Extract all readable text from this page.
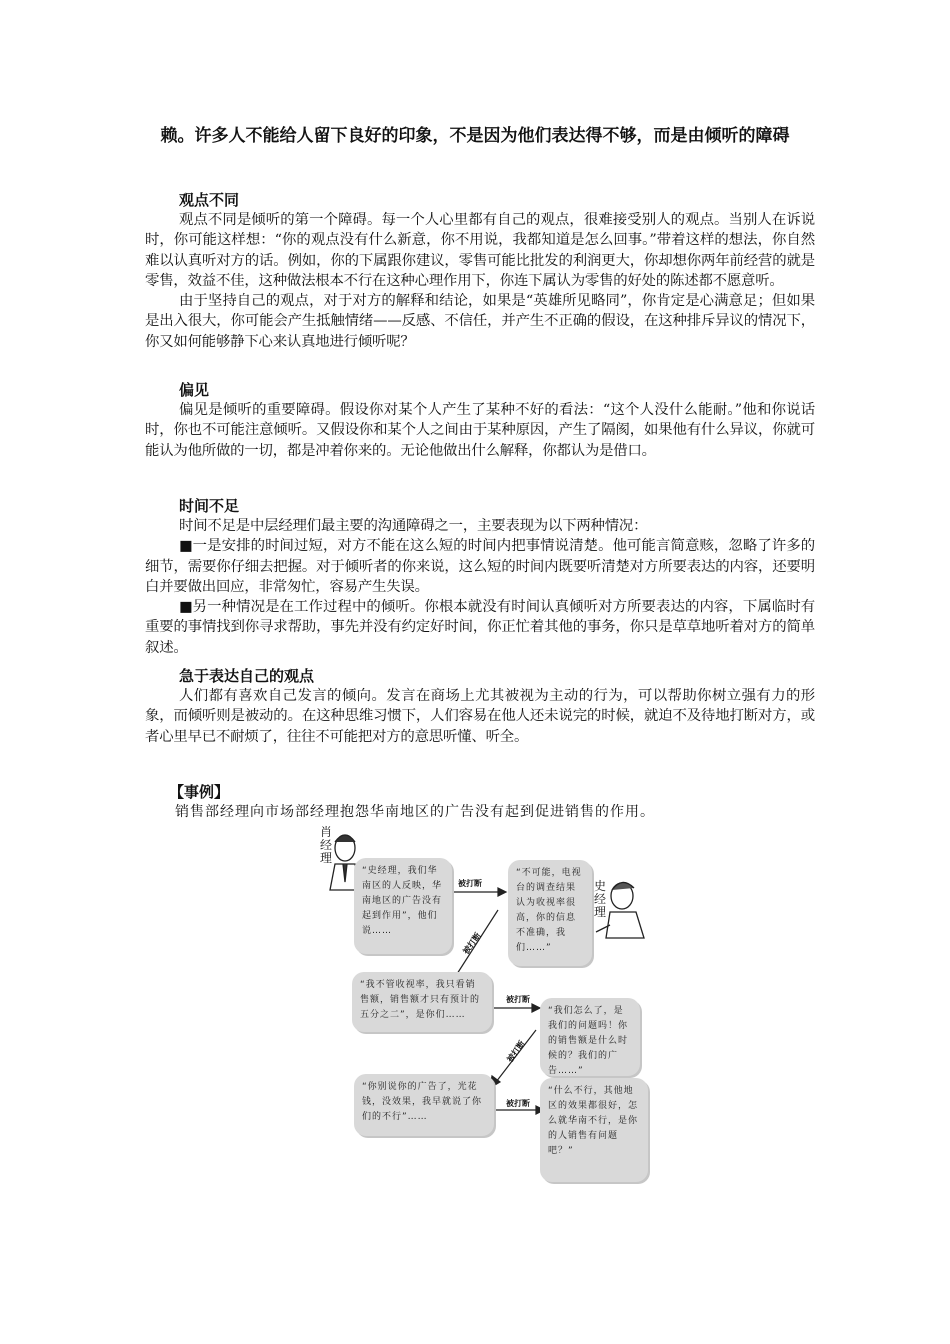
赖。许多人不能给人留下良好的印象，不是因为他们表达得不够，而是由倾听的障碍
观点不同

观点不同是倾听的第一个障碍。每一个人心里都有自己的观点，很难接受别人的观点。当别人在诉说时，你可能这样想：“你的观点没有什么新意，你不用说，我都知道是怎么回事。”带着这样的想法，你自然难以认真听对方的话。例如，你的下属跟你建议，零售可能比批发的利润更大，你却想你两年前经营的就是零售，效益不佳，这种做法根本不行在这种心理作用下，你连下属认为零售的好处的陈述都不愿意听。

由于坚持自己的观点，对于对方的解释和结论，如果是“英雄所见略同”，你肯定是心满意足；但如果是出入很大，你可能会产生抵触情绪——反感、不信任，并产生不正确的假设，在这种排斥异议的情况下，你又如何能够静下心来认真地进行倾听呢？

偏见

偏见是倾听的重要障碍。假设你对某个人产生了某种不好的看法：“这个人没什么能耐。”他和你说话时，你也不可能注意倾听。又假设你和某个人之间由于某种原因，产生了隔阂，如果他有什么异议，你就可能认为他所做的一切，都是冲着你来的。无论他做出什么解释，你都认为是借口。

时间不足

时间不足是中层经理们最主要的沟通障碍之一，主要表现为以下两种情况：

■一是安排的时间过短，对方不能在这么短的时间内把事情说清楚。他可能言简意赅，忽略了许多的细节，需要你仔细去把握。对于倾听者的你来说，这么短的时间内既要听清楚对方所要表达的内容，还要明白并要做出回应，非常匆忙，容易产生失误。

■另一种情况是在工作过程中的倾听。你根本就没有时间认真倾听对方所要表达的内容，下属临时有重要的事情找到你寻求帮助，事先并没有约定好时间，你正忙着其他的事务，你只是草草地听着对方的简单叙述。

急于表达自己的观点

人们都有喜欢自己发言的倾向。发言在商场上尤其被视为主动的行为，可以帮助你树立强有力的形象，而倾听则是被动的。在这种思维习惯下，人们容易在他人还未说完的时候，就迫不及待地打断对方，或者心里早已不耐烦了，往往不可能把对方的意思听懂、听全。

【事例】

销售部经理向市场部经理抱怨华南地区的广告没有起到促进销售的作用。

肖经理
史经理
被打断
被打断
被打断
被打断
被打断
“史经理，我们华南区的人反映，华南地区的广告没有起到作用”，他们说……
“不可能，电视台的调查结果认为收视率很高，你的信息不准确，我们……”
“我不管收视率，我只看销售额，销售额才只有预计的五分之二”，是你们……	“我们怎么了，是我们的问题吗！你的销售额是什么时候的？我们的广告……”
“你别说你的广告了，光花钱，没效果，我早就说了你们的不行”……
“什么不行，其他地区的效果都很好，怎么就华南不行，是你的人销售有问题吧？”
